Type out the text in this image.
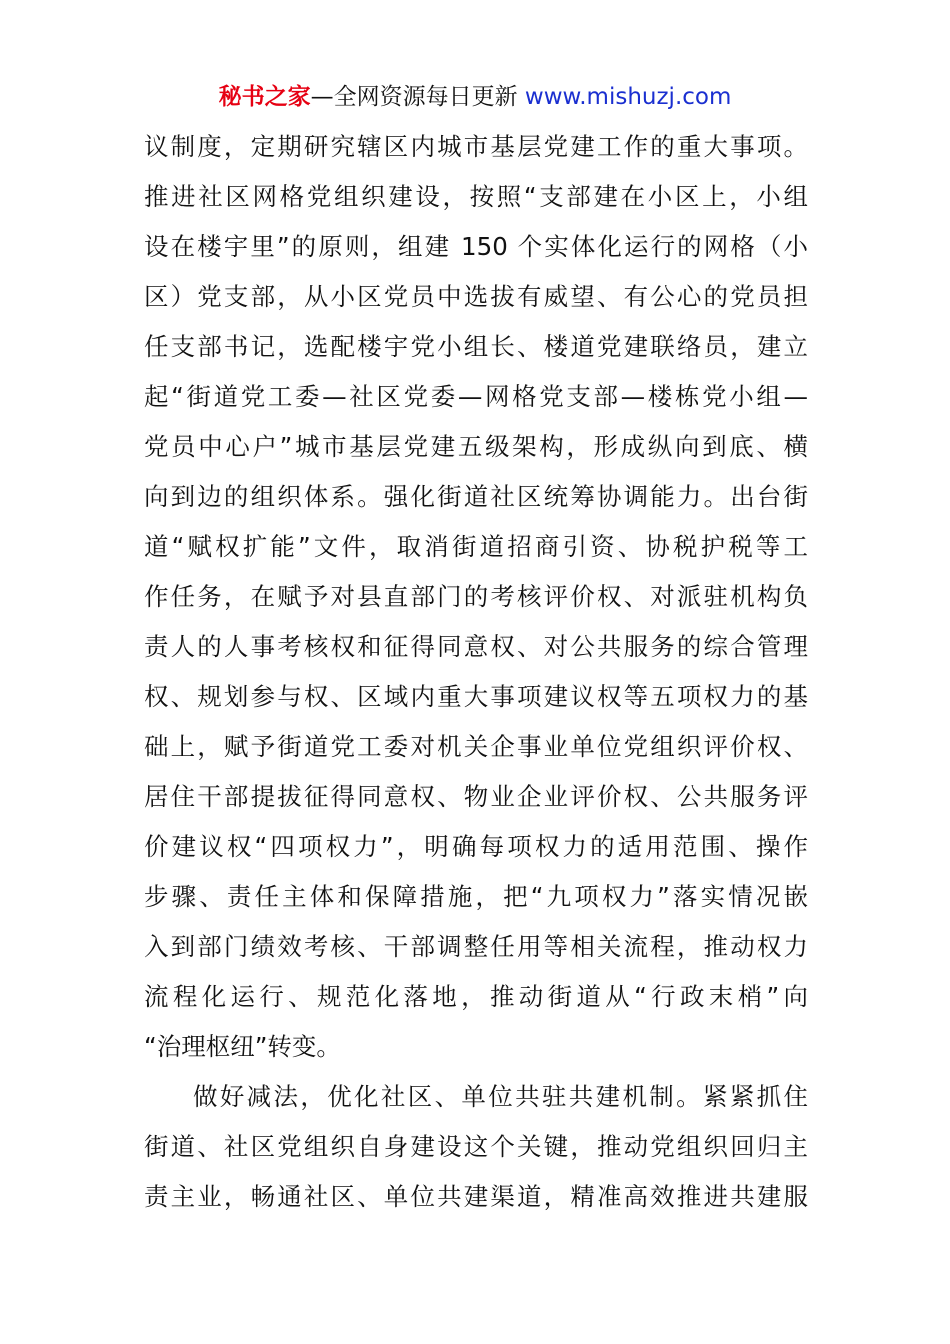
秘书之家—全网资源每日更新 www.mishuzj.com
议制度，定期研究辖区内城市基层党建工作的重大事项。
推进社区网格党组织建设，按照“支部建在小区上，小组
设在楼宇里”的原则，组建 150 个实体化运行的网格（小
区）党支部，从小区党员中选拔有威望、有公心的党员担
任支部书记，选配楼宇党小组长、楼道党建联络员，建立
起“街道党工委—社区党委—网格党支部—楼栋党小组—
党员中心户”城市基层党建五级架构，形成纵向到底、横
向到边的组织体系。强化街道社区统筹协调能力。出台街
道“赋权扩能”文件，取消街道招商引资、协税护税等工
作任务，在赋予对县直部门的考核评价权、对派驻机构负
责人的人事考核权和征得同意权、对公共服务的综合管理
权、规划参与权、区域内重大事项建议权等五项权力的基
础上，赋予街道党工委对机关企事业单位党组织评价权、
居住干部提拔征得同意权、物业企业评价权、公共服务评
价建议权“四项权力”，明确每项权力的适用范围、操作
步骤、责任主体和保障措施，把“九项权力”落实情况嵌
入到部门绩效考核、干部调整任用等相关流程，推动权力
流程化运行、规范化落地，推动街道从“行政末梢”向
“治理枢纽”转变。
做好减法，优化社区、单位共驻共建机制。紧紧抓住
街道、社区党组织自身建设这个关键，推动党组织回归主
责主业，畅通社区、单位共建渠道，精准高效推进共建服
